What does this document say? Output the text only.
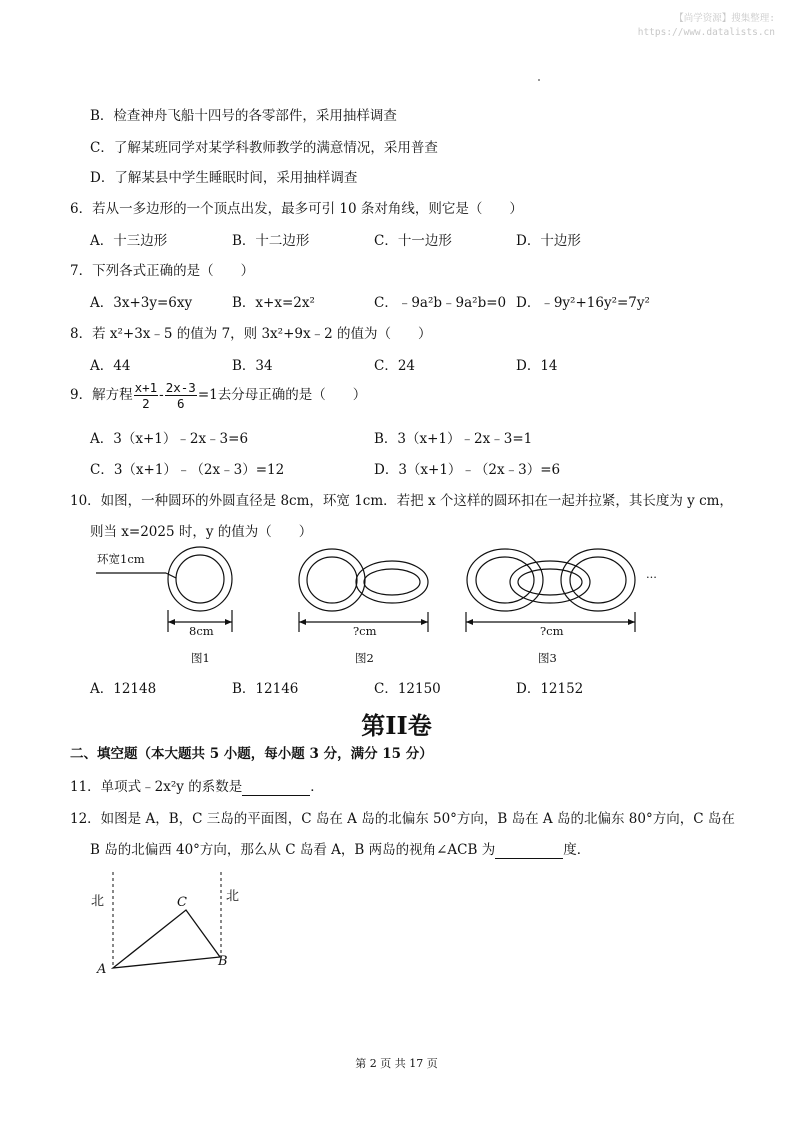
【尚学资源】搜集整理:
https://www.datalists.cn
B．检查神舟飞船十四号的各零部件，采用抽样调查
C．了解某班同学对某学科教师教学的满意情况，采用普查
D．了解某县中学生睡眠时间，采用抽样调查
6．若从一多边形的一个顶点出发，最多可引 10 条对角线，则它是（　　）
A．十三边形	B．十二边形	C．十一边形	D．十边形
7．下列各式正确的是（　　）
A．3x+3y=6xy	B．x+x=2x²	C．﹣9a²b﹣9a²b=0 D．﹣9y²+16y²=7y²
8．若 x²+3x﹣5 的值为 7，则 3x²+9x﹣2 的值为（　　）
A．44	B．34	C．24	D．14
9．解方程 $\frac{x+1}{2} - \frac{2x-3}{6} =1$去分母正确的是（　　）
A．3（x+1）﹣2x﹣3=6	B．3（x+1）﹣2x﹣3=1
C．3（x+1）﹣（2x﹣3）=12	D．3（x+1）﹣（2x﹣3）=6
10．如图，一种圆环的外圆直径是 8cm，环宽 1cm．若把 x 个这样的圆环扣在一起并拉紧，其长度为 y cm，
则当 x=2025 时，y 的值为（　　）
环宽1cm
8cm	?cm	?cm
···
图1	图2	图3
A．12148	B．12146	C．12150	D．12152
第II卷
二、填空题（本大题共 5 小题，每小题 3 分，满分 15 分）
11．单项式﹣2x²y 的系数是	．
12．如图是 A，B，C 三岛的平面图，C 岛在 A 岛的北偏东 50°方向，B 岛在 A 岛的北偏东 80°方向，C 岛在
B 岛的北偏西 40°方向，那么从 C 岛看 A，B 两岛的视角∠ACB 为	度．
北	北
C
A
B
第 2 页 共 17 页
